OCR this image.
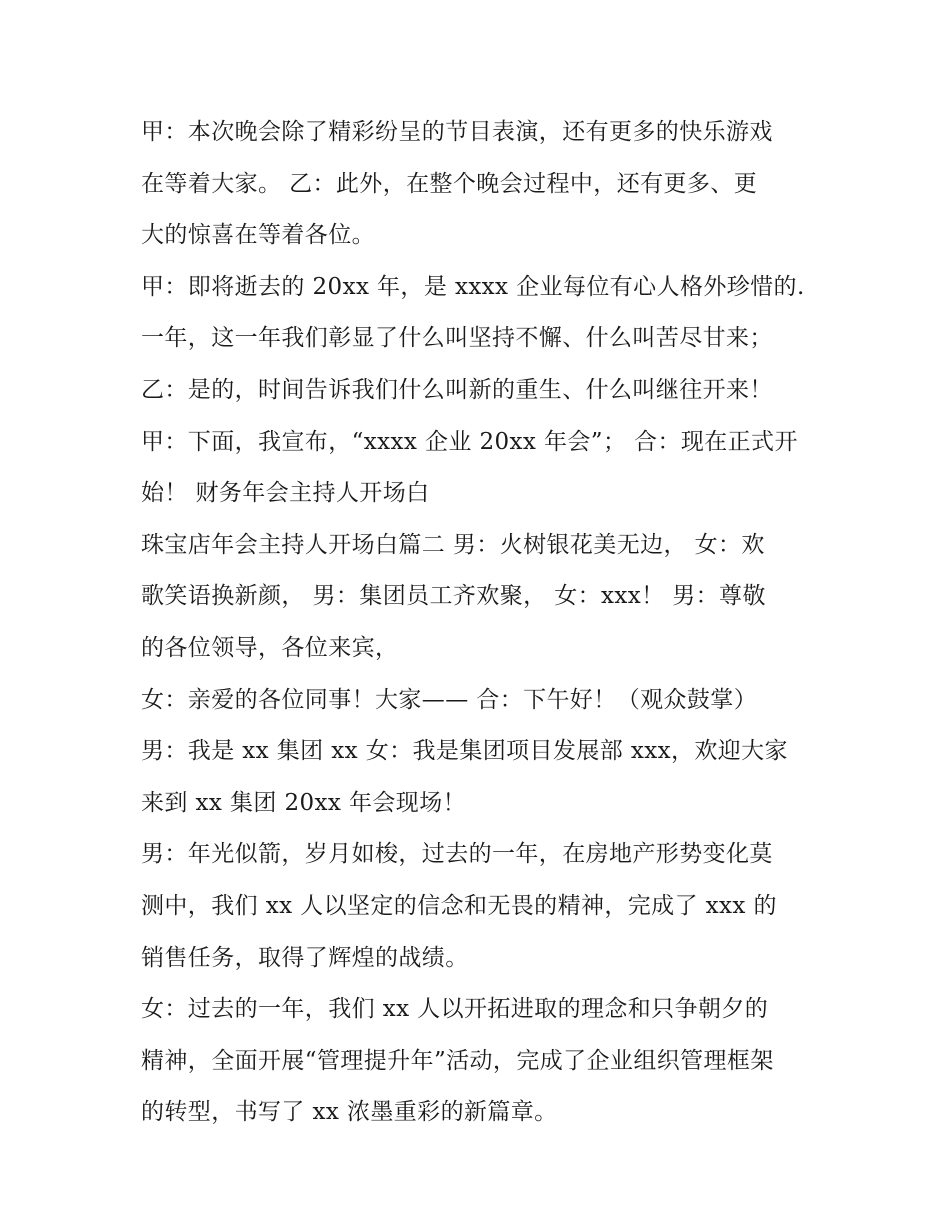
甲：本次晚会除了精彩纷呈的节目表演，还有更多的快乐游戏
在等着大家。 乙：此外，在整个晚会过程中，还有更多、更
大的惊喜在等着各位。
甲：即将逝去的 20xx 年，是 xxxx 企业每位有心人格外珍惜的.
一年，这一年我们彰显了什么叫坚持不懈、什么叫苦尽甘来；
乙：是的，时间告诉我们什么叫新的重生、什么叫继往开来！
甲：下面，我宣布，“xxxx 企业 20xx 年会”； 合：现在正式开
始！ 财务年会主持人开场白
珠宝店年会主持人开场白篇二 男：火树银花美无边， 女：欢
歌笑语换新颜， 男：集团员工齐欢聚， 女：xxx！ 男：尊敬
的各位领导，各位来宾，
女：亲爱的各位同事！大家—— 合：下午好！（观众鼓掌）
男：我是 xx 集团 xx 女：我是集团项目发展部 xxx，欢迎大家
来到 xx 集团 20xx 年会现场！
男：年光似箭，岁月如梭，过去的一年，在房地产形势变化莫
测中，我们 xx 人以坚定的信念和无畏的精神，完成了 xxx 的
销售任务，取得了辉煌的战绩。
女：过去的一年，我们 xx 人以开拓进取的理念和只争朝夕的
精神，全面开展“管理提升年”活动，完成了企业组织管理框架
的转型，书写了 xx 浓墨重彩的新篇章。
